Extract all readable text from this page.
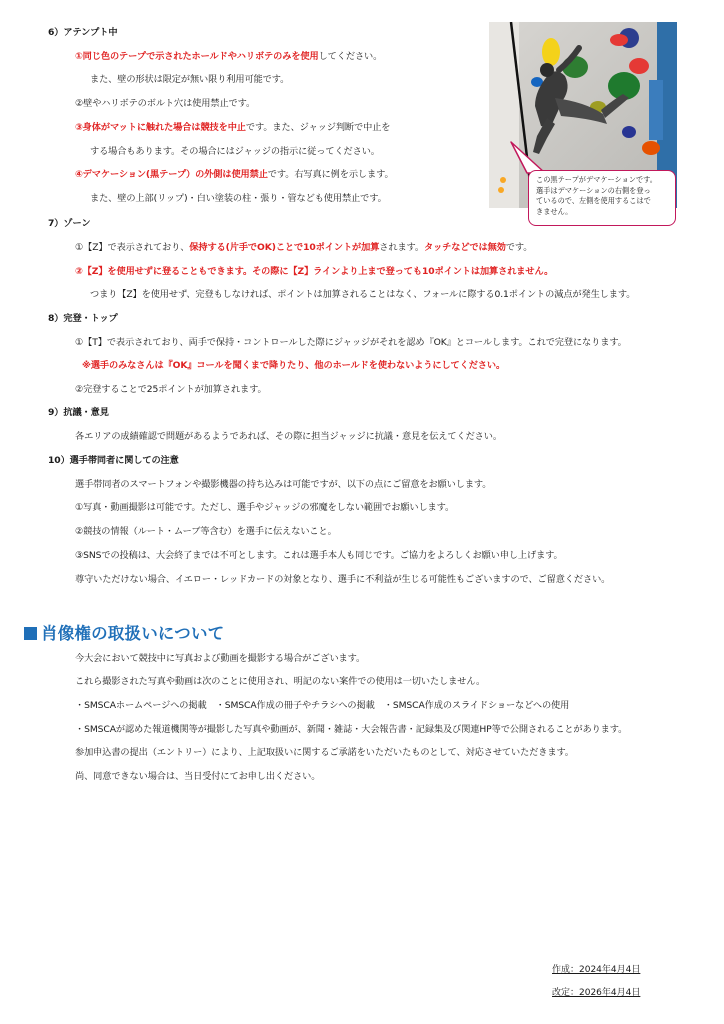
6）アテンプト中
①同じ色のテープで示されたホールドやハリボテのみを使用してください。
また、壁の形状は限定が無い限り利用可能です。
②壁やハリボテのボルト穴は使用禁止です。
③身体がマットに触れた場合は競技を中止です。また、ジャッジ判断で中止を
する場合もあります。その場合にはジャッジの指示に従ってください。
④デマケーション(黒テープ）の外側は使用禁止です。右写真に例を示します。
また、壁の上部(リップ)・白い塗装の柱・張り・管なども使用禁止です。
この黒テープがデマケーションです。
選手はデマケーションの右側を登っ
ているので、左側を使用するこはで
きません。
7）ゾーン
①【Z】で表示されており、保持する(片手でOK)ことで10ポイントが加算されます。タッチなどでは無効です。
②【Z】を使用せずに登ることもできます。その際に【Z】ラインより上まで登っても10ポイントは加算されません。
つまり【Z】を使用せず、完登もしなければ、ポイントは加算されることはなく、フォールに際する0.1ポイントの減点が発生します。
8）完登・トップ
①【T】で表示されており、両手で保持・コントロールした際にジャッジがそれを認め『OK』とコールします。これで完登になります。
※選手のみなさんは『OK』コールを聞くまで降りたり、他のホールドを使わないようにしてください。
②完登することで25ポイントが加算されます。
9）抗議・意見
各エリアの成績確認で問題があるようであれば、その際に担当ジャッジに抗議・意見を伝えてください。
10）選手帯同者に関しての注意
選手帯同者のスマートフォンや撮影機器の持ち込みは可能ですが、以下の点にご留意をお願いします。
①写真・動画撮影は可能です。ただし、選手やジャッジの邪魔をしない範囲でお願いします。
②競技の情報（ルート・ムーブ等含む）を選手に伝えないこと。
③SNSでの投稿は、大会終了までは不可とします。これは選手本人も同じです。ご協力をよろしくお願い申し上げます。
尊守いただけない場合、イエロー・レッドカードの対象となり、選手に不利益が生じる可能性もございますので、ご留意ください。
肖像権の取扱いについて
今大会において競技中に写真および動画を撮影する場合がございます。
これら撮影された写真や動画は次のことに使用され、明記のない案件での使用は一切いたしません。
・SMSCAホームページへの掲載　・SMSCA作成の冊子やチラシへの掲載　・SMSCA作成のスライドショーなどへの使用
・SMSCAが認めた報道機関等が撮影した写真や動画が、新聞・雑誌・大会報告書・記録集及び関連HP等で公開されることがあります。
参加申込書の提出（エントリー）により、上記取扱いに関するご承諾をいただいたものとして、対応させていただきます。
尚、同意できない場合は、当日受付にてお申し出ください。
作成：2024年4月4日
改定：2026年4月4日
